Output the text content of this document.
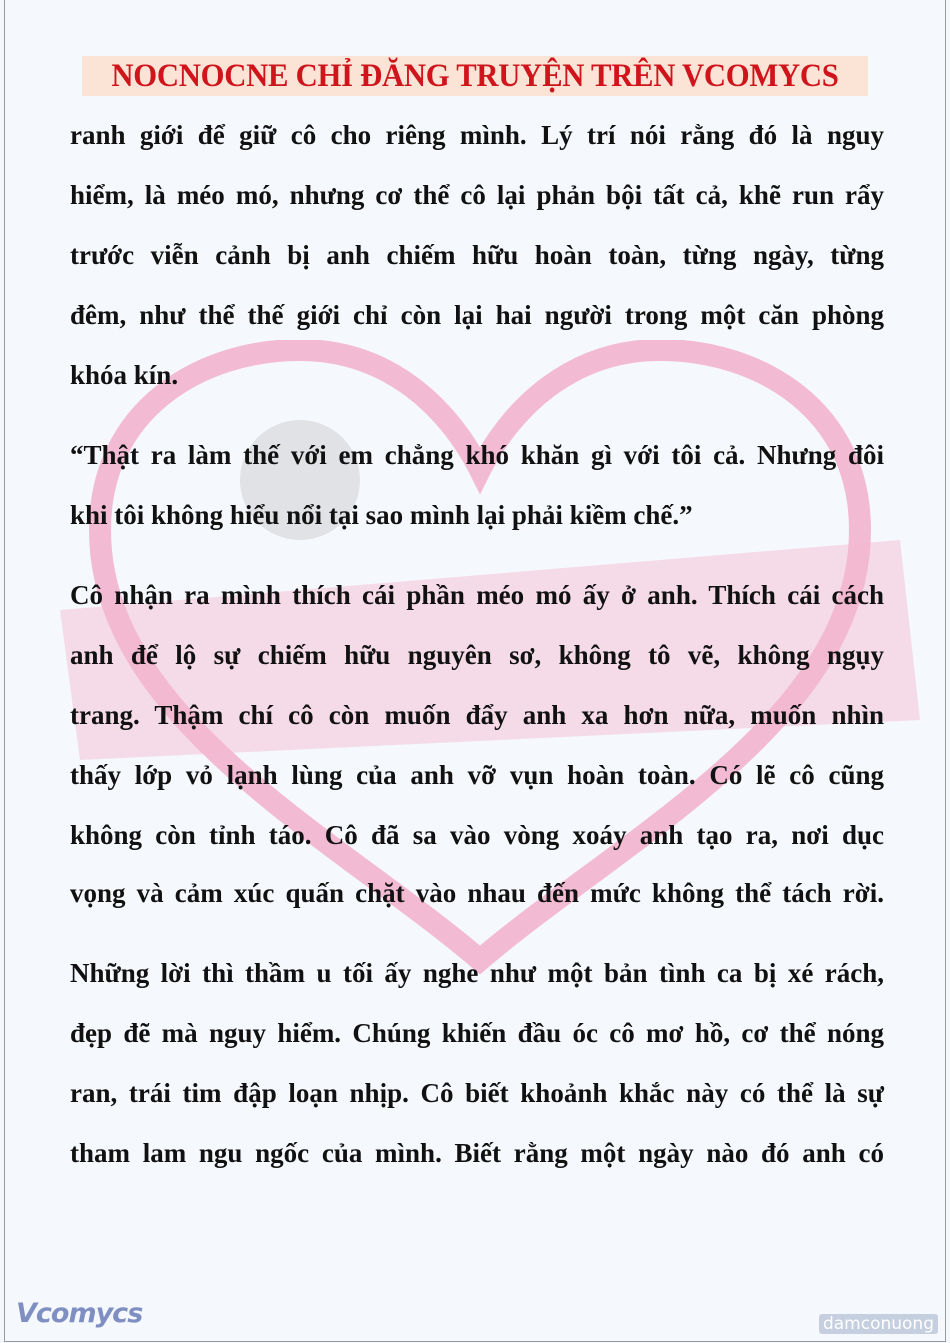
NOCNOCNE CHỈ ĐĂNG TRUYỆN TRÊN VCOMYCS
ranh giới để giữ cô cho riêng mình. Lý trí nói rằng đó là nguy
hiểm, là méo mó, nhưng cơ thể cô lại phản bội tất cả, khẽ run rẩy
trước viễn cảnh bị anh chiếm hữu hoàn toàn, từng ngày, từng
đêm, như thể thế giới chỉ còn lại hai người trong một căn phòng
khóa kín.
“Thật ra làm thế với em chẳng khó khăn gì với tôi cả. Nhưng đôi
khi tôi không hiểu nổi tại sao mình lại phải kiềm chế.”
Cô nhận ra mình thích cái phần méo mó ấy ở anh. Thích cái cách
anh để lộ sự chiếm hữu nguyên sơ, không tô vẽ, không ngụy
trang. Thậm chí cô còn muốn đẩy anh xa hơn nữa, muốn nhìn
thấy lớp vỏ lạnh lùng của anh vỡ vụn hoàn toàn. Có lẽ cô cũng
không còn tỉnh táo. Cô đã sa vào vòng xoáy anh tạo ra, nơi dục
vọng và cảm xúc quấn chặt vào nhau đến mức không thể tách rời.
Những lời thì thầm u tối ấy nghe như một bản tình ca bị xé rách,
đẹp đẽ mà nguy hiểm. Chúng khiến đầu óc cô mơ hồ, cơ thể nóng
ran, trái tim đập loạn nhịp. Cô biết khoảnh khắc này có thể là sự
tham lam ngu ngốc của mình. Biết rằng một ngày nào đó anh có
Vcomycs	damconuong
